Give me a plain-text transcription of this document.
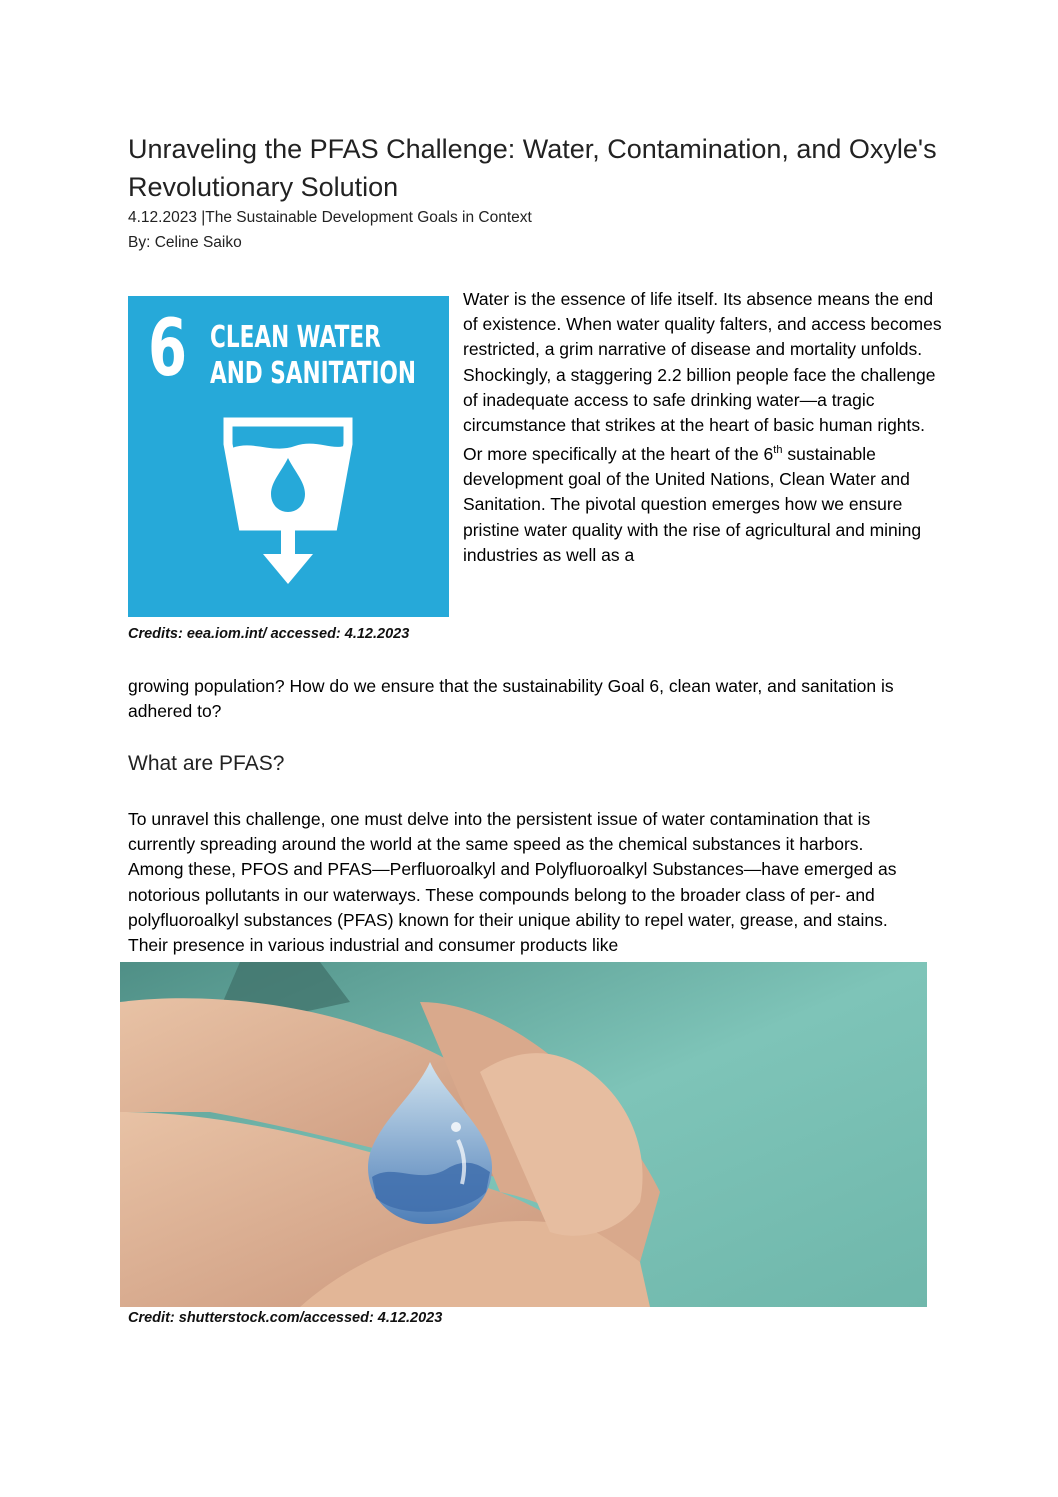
Unraveling the PFAS Challenge: Water, Contamination, and Oxyle's Revolutionary Solution
4.12.2023 |The Sustainable Development Goals in Context
By: Celine Saiko
6 CLEAN WATER
AND SANITATION
Credits: eea.iom.int/ accessed: 4.12.2023

Water is the essence of life itself. Its absence means the end of existence. When water quality falters, and access becomes restricted, a grim narrative of disease and mortality unfolds. Shockingly, a staggering 2.2 billion people face the challenge of inadequate access to safe drinking water—a tragic circumstance that strikes at the heart of basic human rights. Or more specifically at the heart of the 6th sustainable development goal of the United Nations, Clean Water and Sanitation. The pivotal question emerges how we ensure pristine water quality with the rise of agricultural and mining industries as well as a

growing population? How do we ensure that the sustainability Goal 6, clean water, and sanitation is adhered to?

What are PFAS?

To unravel this challenge, one must delve into the persistent issue of water contamination that is currently spreading around the world at the same speed as the chemical substances it harbors. Among these, PFOS and PFAS—Perfluoroalkyl and Polyfluoroalkyl Substances—have emerged as notorious pollutants in our waterways. These compounds belong to the broader class of per- and polyfluoroalkyl substances (PFAS) known for their unique ability to repel water, grease, and stains. Their presence in various industrial and consumer products like

Credit: shutterstock.com/accessed: 4.12.2023
